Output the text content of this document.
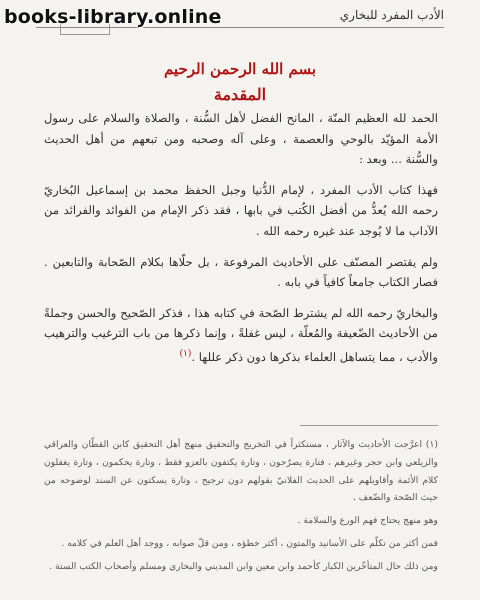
الأدب المفرد للبخاري
بسم الله الرحمن الرحيم
المقدمة

الحمد لله العظيم المنّة ، المانح الفضل لأهل السُّنة ، والصلاة والسلام على رسول الأمة المؤيّد بالوحي والعصمة ، وعلى آله وصحبه ومن تبعهم من أهل الحديث والسُّنة ... وبعد :

فهذا كتاب الأدب المفرد ، لإمام الدُّنيا وجبل الحفظ محمد بن إسماعيل البُخاريّ رحمه الله يُعدُّ من أفضل الكُتب في بابها ، فقد ذكر الإمام من الفوائد والفرائد من الآداب ما لا يُوجد عند غيره رحمه الله .

ولم يقتصر المصنّف على الأحاديث المرفوعة ، بل حلّاها بكلام الصّحابة والتابعين . فصار الكتاب جامعاً كافياً في بابه .

والبخاريّ رحمه الله لم يشترط الصّحة في كتابه هذا ، فذكر الصّحيح والحسن وجملةً من الأحاديث الضّعيفة والمُعلّة ، ليس غفلةً ، وإنما ذكرها من باب الترغيب والترهيب والأدب ، مما يتساهل العلماء بذكرها دون ذكر عللها .$^{(١)}$

(١) اعرَّجت الأحاديث والآثار ، مستكثراً في التخريج والتحقيق منهج أهل التحقيق كابن القطّان والعراقي والزيلعي وابن حجر وغيرهم ، فتارة يصرّحون ، وتارة يكتفون بالعزو فقط ، وتارة يحكمون ، وتارة يغفلون كلام الأئمة وأقاويلهم على الحديث الفلانيّ بقولهم دون ترجيح ، وتارة يسكتون عن السند لوضوحه من حيث الصّحة والضّعف .

وهو منهج يحتاج فهم الورع والسلامة .

فمن أكثر من تكلّم على الأسانيد والمتون ، أكثر خطؤه ، ومن قلّ صوابه ، ووجد أهل العلم في كلامه .

ومن ذلك حال المتأخّرين الكبار كأحمد وابن معين وابن المديني والبخاري ومسلم وأصحاب الكتب الستة .

books-library.online
